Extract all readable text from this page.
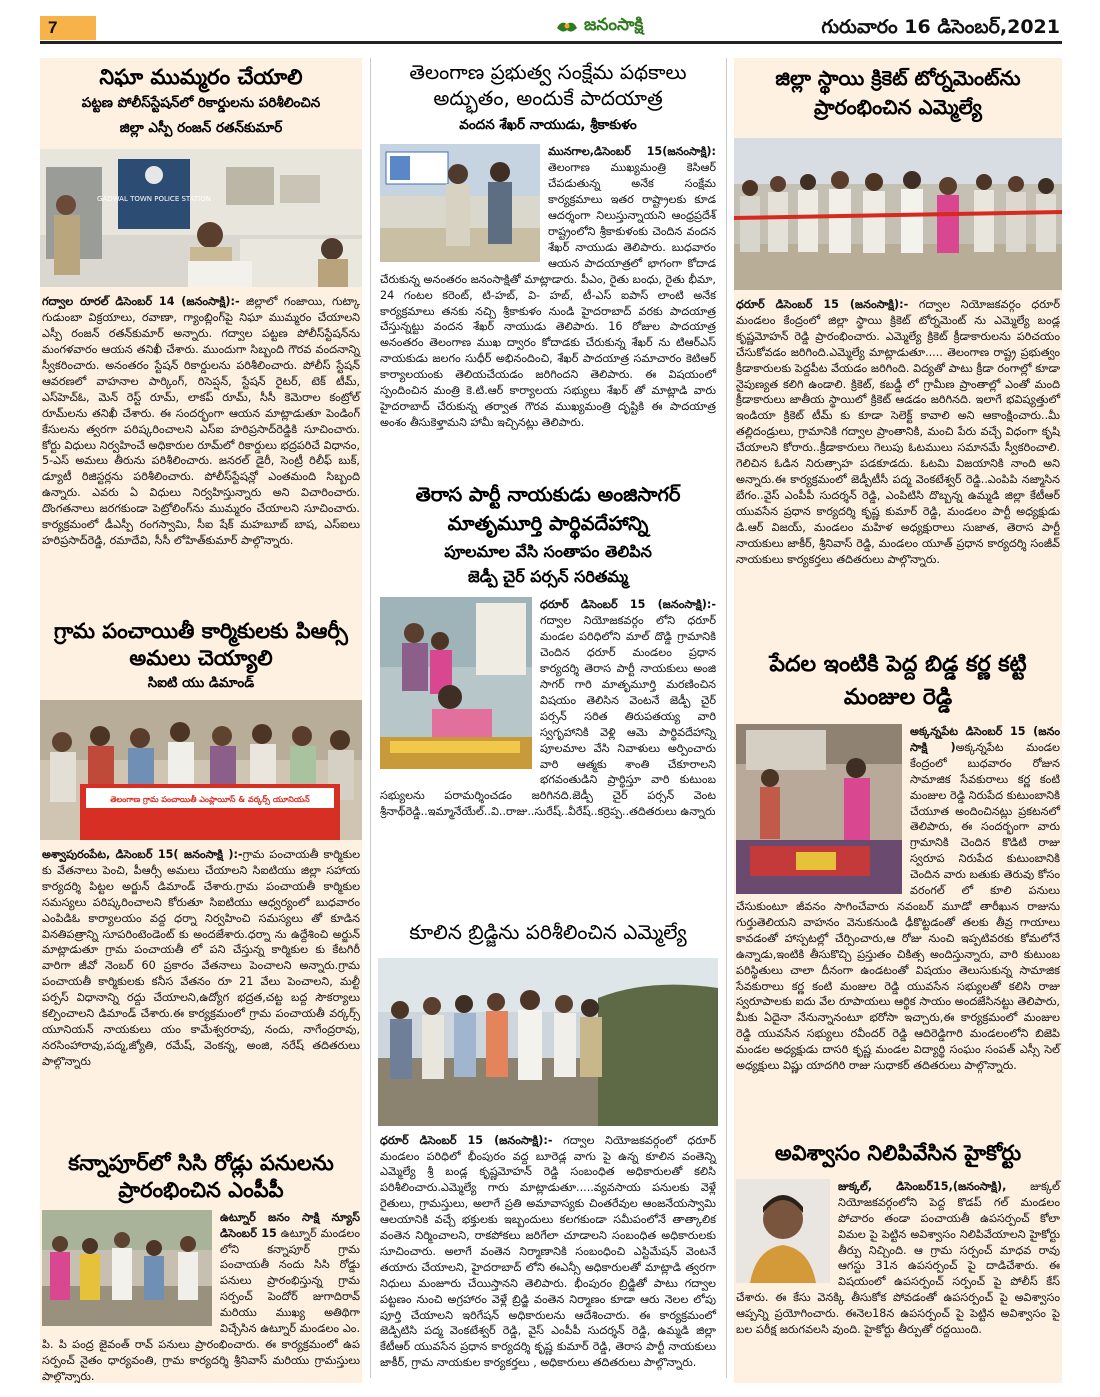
7	జనంసాక్షి	గురువారం 16 డిసెంబర్,2021
నిఘా ముమ్మరం చేయాలి
పట్టణ పోలీస్‌స్టేషన్‌లో రికార్డులను పరిశీలించిన
జిల్లా ఎస్పీ రంజన్ రతన్‌కుమార్
GADWAL TOWN POLICE STATION
గద్వాల రూరల్‌ డిసెంబర్‌ 14 (జనంసాక్షి):- జిల్లాలో గంజాయి, గుట్కా గుడుంబా విక్రయాలు, రవాణా, గ్యాంబ్లింగ్‌పై నిఘా ముమ్మరం చేయాలని ఎస్పీ రంజన్ రతన్‌కుమార్ అన్నారు. గద్వాల పట్టణ పోలీస్‌స్టేషన్‌ను మంగళవారం ఆయన తనిఖీ చేశారు. ముందుగా సిబ్బంది గౌరవ వందనాన్ని స్వీకరించారు. అనంతరం స్టేషన్ రికార్డులను పరిశీలించారు. పోలీస్ స్టేషన్ ఆవరణలో వాహనాల పార్కింగ్, రిసెప్షన్, స్టేషన్ రైటర్, టెక్ టీమ్, ఎస్‌హెచ్‌ఓ, మెన్ రెస్ట్ రూమ్, లాకప్ రూమ్, సీసీ కెమెరాల కంట్రోల్ రూమ్‌లను తనిఖీ చేశారు. ఈ సందర్భంగా ఆయన మాట్లాడుతూ పెండింగ్ కేసులను త్వరగా పరిష్కరించాలని ఎస్‌ఐ హరిప్రసాద్‌రెడ్డికి సూచించారు. కోర్టు విధులు నిర్వహించే అధికారుల రూమ్‌లో రికార్డులు భద్రపరిచే విధానం, 5-ఎస్ అమలు తీరును పరిశీలించారు. జనరల్ డైరీ, సెంట్రీ రిలీఫ్ బుక్, డ్యూటీ రిజిస్టర్లను పరిశీలించారు. పోలీస్‌స్టేషన్లో ఎంతమంది సిబ్బంది ఉన్నారు. ఎవరు ఏ విధులు నిర్వహిస్తున్నారు అని విచారించారు. దొంగతనాలు జరగకుండా పెట్రోలింగ్‌ను ముమ్మరం చేయాలని సూచించారు. కార్యక్రమంలో డీఎస్పీ రంగస్వామి, సీఐ షేక్ మహబూబ్ బాష, ఎస్‌ఐలు హరిప్రసాద్‌రెడ్డి, రమాదేవి, సీసీ లోహిత్‌కుమార్ పాల్గొన్నారు.
గ్రామ పంచాయితీ కార్మికులకు పిఆర్సీ అమలు చెయ్యాలి
సిఐటి యు డిమాండ్
తెలంగాణ గ్రామ పంచాయితీ ఎంప్లాయీస్ & వర్కర్స్ యూనియన్
అశ్వాపురంపేట, డిసెంబర్ 15( జనంసాక్షి ):-గ్రామ పంచాయతీ కార్మికుల కు వేతనాలు పెంచి, పీఆర్సీ అమలు చేయాలని సిఐటియు జిల్లా సహాయ కార్యదర్శి పిట్టల అర్జున్ డిమాండ్ చేశారు.గ్రామ పంచాయతీ కార్మికుల సమస్యలు పరిష్కరించాలని కోరుతూ సిఐటియు ఆధ్వర్యంలో బుధవారం ఎంపిడిఓ కార్యాలయం వద్ద ధర్నా నిర్వహించి సమస్యలు తో కూడిన వినతిపత్రాన్ని సూపరింటెండెంట్ కు అందజేశారు.ధర్నా ను ఉద్దేశించి అర్జున్ మాట్లాడుతూ గ్రామ పంచాయతీ లో పని చేస్తున్న కార్మికుల కు కేటగిరీ వారిగా జీవో నెంబర్ 60 ప్రకారం వేతనాలు పెంచాలని అన్నారు.గ్రామ పంచాయతీ కార్మికులకు కనీస వేతనం రూ 21 వేలు పెంచాలని, మల్టీ పర్పస్ విధానాన్ని రద్దు చేయాలని,ఉద్యోగ భద్రత,చట్ట బద్ద సౌకర్యాలు కల్పించాలని డిమాండ్ చేశారు.ఈ కార్యక్రమంలో గ్రామ పంచాయతీ వర్కర్స్ యూనియన్ నాయకులు యం కామేశ్వరరావు, నందు, నాగేంద్రరావు, నరసింహారావు,పద్మ,జ్యోతి, రమేష్, వెంకన్న, అంజి, నరేష్ తదితరులు పాల్గొన్నారు
కన్నాపూర్‌లో సిసి రోడ్లు పనులను ప్రారంభించిన ఎంపీపీ
ఉట్నూర్ జనం సాక్షి న్యూస్ డిసెంబర్ 15 ఉట్నూర్ మండలం లోని కన్నాపూర్ గ్రామ పంచాయతీ నందు సిసి రోడ్డు పనులు ప్రారంభిస్తున్న గ్రామ సర్పంచ్ పెందోర్ జుగాదిరావ్ మరియు ముఖ్య అతిథిగా విచ్చేసిన ఉట్నూర్ మండలం ఎం. పి. పి పంద్ర జైవంత్ రావ్ పనులు ప్రారంభించారు. ఈ కార్యక్రమంలో ఉప సర్పంచ్ నైతం ధార్యవంతి, గ్రామ కార్యదర్శి శ్రీనివాస్ మరియు గ్రామస్తులు పాల్గొన్నారు.
తెలంగాణ ప్రభుత్వ సంక్షేమ పథకాలు అద్భుతం, అందుకే పాదయాత్ర
వందన శేఖర్ నాయుడు, శ్రీకాకుళం
మునగాల,డిసెంబర్ 15(జనంసాక్షి): తెలంగాణ ముఖ్యమంత్రి కెసిఆర్ చేపడుతున్న అనేక సంక్షేమ కార్యక్రమాలు ఇతర రాష్ట్రాలకు కూడ ఆదర్శంగా నిలుస్తున్నాయని ఆంధ్రప్రదేశ్ రాష్ట్రంలోని శ్రీకాకుళంకు చెందిన వందన శేఖర్ నాయుడు తెలిపారు. బుధవారం ఆయన పాదయాత్రలో భాగంగా కోదాడ చేరుకున్న అనంతరం జనంసాక్షితో మాట్లాడారు. పీఎం, రైతు బంధు, రైతు భీమా, 24 గంటల కరెంట్, టి-హబ్, వి- హబ్, టీ-ఎస్ ఐపాస్ లాంటి అనేక కార్యక్రమాలు తనకు నచ్చి శ్రీకాకుళం నుండి హైదరాబాద్ వరకు పాదయాత్ర చేస్తున్నట్టు వందన శేఖర్ నాయుడు తెలిపారు. 16 రోజుల పాదయాత్ర అనంతరం తెలంగాణ ముఖ ద్వారం కోదాడకు చేరుకున్న శేఖర్ ను టిఆర్ఎస్ నాయకుడు జలగం సుధీర్ అభినందించి, శేఖర్ పాదయాత్ర సమాచారం కెటిఆర్ కార్యాలయంకు తెలియచేయడం జరిగిందని తెలిపారు. ఈ విషయంలో స్పందించిన మంత్రి కె.టి.ఆర్ కార్యాలయ సభ్యులు శేఖర్ తో మాట్లాడి వారు హైదరాబాద్ చేరుకున్న తర్వాత గౌరవ ముఖ్యమంత్రి దృష్టికి ఈ పాదయాత్ర అంశం తీసుకెళ్తామని హామీ ఇచ్చినట్లు తెలిపారు.
తెరాస పార్టీ నాయకుడు అంజిసాగర్ మాతృమూర్తి పార్థివదేహాన్ని
పూలమాల వేసి సంతాపం తెలిపిన
జెడ్పీ చైర్ పర్సన్ సరితమ్మ
ధరూర్ డిసెంబర్ 15 (జనంసాక్షి):- గద్వాల నియోజకవర్గం లోని ధరూర్ మండల పరిధిలోని మాల్ దొడ్డి గ్రామానికి చెందిన ధరూర్ మండలం ప్రధాన కార్యదర్శి తెరాస పార్టీ నాయకులు అంజి సాగర్ గారి మాతృమూర్తి మరణించిన విషయం తెలిసిన వెంటనే జెడ్పీ చైర్ పర్సన్ సరిత తిరుపతయ్య వారి స్వగృహానికి వెళ్లి ఆమె పార్థివదేహాన్ని పూలమాల వేసి నివాళులు అర్పించారు వారి ఆత్మకు శాంతి చేకూరాలని భగవంతుడిని ప్రార్థిస్తూ వారి కుటుంబ సభ్యులను పరామర్శించడం జరిగినది.జెడ్పీ చైర్ పర్సన్ వెంట శ్రీనాథ్‌రెడ్డి..ఇమ్మానేయేల్..వి..రాజు..సురేష్..వీరేష్..కర్రెప్ప..తదితరులు ఉన్నారు
కూలిన బ్రిడ్జిను పరిశీలించిన ఎమ్మెల్యే
ధరూర్ డిసెంబర్ 15 (జనంసాక్షి):- గద్వాల నియోజకవర్గంలో ధరూర్ మండలం పరిధిలో భీంపురం వద్ద బూరెడ్ల వాగు పై ఉన్న కూలిన వంతెన్ని ఎమ్మెల్యే శ్రీ బండ్ల కృష్ణమోహన్ రెడ్డి సంబంధిత అధికారులతో కలిసి పరిశీలించారు.ఎమ్మెల్యే గారు మాట్లాడుతూ.....వ్యవసాయ పనులకు వెళ్లే రైతులు, గ్రామస్తులు, అలాగే ప్రతి అమావాస్యకు చింతరేవుల ఆంజనేయస్వామి ఆలయానికి వచ్చే భక్తులకు ఇబ్బందులు కలగకుండా సమీపంలోనే తాత్కాలిక వంతెన నిర్మించాలని, రాకపోకలు జరిగేలా చూడాలని సంబంధిత అధికారులకు సూచించారు. అలాగే వంతెన నిర్మాణానికి సంబంధించి ఎస్టిమేషన్ వెంటనే తయారు చేయాలని, హైదరాబాద్ లోని ఈఎన్సీ అధికారులతో మాట్లాడి త్వరగా నిధులు మంజూరు చేయిస్తానని తెలిపారు. భీంపురం బ్రిడ్జితో పాటు గద్వాల పట్టణం నుంచి అగ్రహారం వెళ్లే బ్రిడ్జి వంతెన నిర్మాణం కూడా ఆరు నెలల లోపు పూర్తి చేయాలని ఇరిగేషన్ అధికారులను ఆదేశించారు. ఈ కార్యక్రమంలో జెడ్పిటిసి పద్మ వెంకటేశ్వర్ రెడ్డి, వైస్ ఎంపీపీ సుదర్శన్ రెడ్డి, ఉమ్మడి జిల్లా కేటీఆర్ యువసేన ప్రధాన కార్యదర్శి కృష్ణ కుమార్ రెడ్డి, తెరాస పార్టీ నాయకులు జాకీర్, గ్రామ నాయకుల కార్యకర్తలు , అధికారులు తదితరులు పాల్గొన్నారు.
జిల్లా స్థాయి క్రికెట్ టోర్నమెంట్‌ను ప్రారంభించిన ఎమ్మెల్యే
ధరూర్ డిసెంబర్ 15 (జనంసాక్షి):- గద్వాల నియోజకవర్గం ధరూర్ మండలం కేంద్రంలో జిల్లా స్థాయి క్రికెట్ టోర్నమెంట్ ను ఎమ్మెల్యే బండ్ల కృష్ణమోహన్ రెడ్డి ప్రారంభించారు. ఎమ్మెల్యే క్రికెట్ క్రీడాకారులను పరిచయం చేసుకోవడం జరిగింది.ఎమ్మెల్యే మాట్లాడుతూ..... తెలంగాణ రాష్ట్ర ప్రభుత్వం క్రీడాకారులకు పెద్దపీట వేయడం జరిగింది. విద్యతో పాటు క్రీడా రంగాల్లో కూడా నైపుణ్యత కలిగి ఉండాలి. క్రికెట్, కబడ్డీ లో గ్రామీణ ప్రాంతాల్లో ఎంతో మంది క్రీడాకారులు జాతీయ స్థాయిలో క్రికెట్ ఆడడం జరిగినది. ఇలాగే భవిష్యత్తులో ఇండియా క్రికెట్ టీమ్ కు కూడా సెలెక్ట్ కావాలి అని ఆకాంక్షించారు..మీ తల్లిదండ్రులు, గ్రామానికి గద్వాల ప్రాంతానికి, మంచి పేరు వచ్చే విధంగా కృషి చేయాలని కోరారు..క్రీడాకారులు గెలుపు ఓటములు సమానమే స్వీకరించాలి. గెలిచిన ఓడిన నిరుత్సాహ పడకూడదు. ఓటమి విజయానికి నాంది అని అన్నారు.ఈ కార్యక్రమంలో జెడ్పీటీసీ పద్మ వెంకటేశ్వర్ రెడ్డి..ఎంపిపి నజ్మాసిన బేగం..వైస్ ఎంపీపీ సుదర్శన్ రెడ్డి, ఎంపిటిసి దొబ్బన్న ఉమ్మడి జిల్లా కేటీఆర్ యువసేన ప్రధాన కార్యదర్శి కృష్ణ కుమార్ రెడ్డి, మండలం పార్టీ అధ్యక్షుడు డి.ఆర్ విజయ్, మండలం మహిళ అధ్యక్షురాలు సుజాత, తెరాస పార్టీ నాయకులు జాకీర్, శ్రీనివాస్ రెడ్డి, మండలం యూత్ ప్రధాన కార్యదర్శి సంజీవ్ నాయకులు కార్యకర్తలు తదితరులు పాల్గొన్నారు.
పేదల ఇంటికి పెద్ద బిడ్డ కర్ణ కట్టి మంజుల రెడ్డి
అక్కన్నపేట డిసెంబర్ 15 (జనం సాక్షి )అక్కన్నపేట మండల కేంద్రంలో బుధవారం రోజున సామాజిక సేవకురాలు కర్ణ కంటి మంజుల రెడ్డి నిరుపేద కుటుంబానికి చేయూత అందించినట్లు ప్రకటనలో తెలిపారు, ఈ సందర్భంగా వారు గ్రామానికి చెందిన కొడిటి రాజు స్వరూప నిరుపేద కుటుంబానికి చెందిన వారు బతుకు తెరువు కోసం వరంగల్ లో కూలి పనులు చేసుకుంటూ జీవనం సాగించేవారు నవంబర్ మూడో తారీఖున రాజును గుర్తుతెలియని వాహనం వెనుకనుండి ఢీకొట్టడంతో తలకు తీవ్ర గాయాలు కావడంతో హాస్పటల్లో చేర్పించారు,ఆ రోజు నుంచి ఇప్పటివరకు కోమలోనే ఉన్నాడు,ఇంటికి తీసుకొచ్చి ప్రస్తుతం చికిత్స అందిస్తున్నారు, వారి కుటుంబ పరిస్థితులు చాలా దీనంగా ఉండటంతో విషయం తెలుసుకున్న సామాజిక సేవకురాలు కర్ణ కంటి మంజుల రెడ్డి యువసేన సభ్యులతో కలిసి రాజు స్వరూపాలకు ఐదు వేల రూపాయలు ఆర్థిక సాయం అందజేసినట్టు తెలిపారు, మీకు ఏదైనా నేనున్నానంటూ భరోసా ఇచ్చారు,ఈ కార్యక్రమంలో మంజుల రెడ్డి యువసేన సభ్యులు రవీందర్ రెడ్డి ఆదిరెడ్డిగారి మండలంలోని బిజెపి మండల అధ్యక్షుడు దాసరి కృష్ణ మండల విద్యార్థి సంఘం సంపత్ ఎస్సీ సెల్ అధ్యక్షులు విష్ణు యాదగిరి రాజు సుధాకర్ తదితరులు పాల్గొన్నారు.
అవిశ్వాసం నిలిపివేసిన హైకోర్టు
జుక్కల్, డిసెంబర్15,(జనంసాక్షి), జుక్కల్ నియోజకవర్గంలోని పెద్ద కొడప్ గల్ మండలం పోచారం తండా పంచాయతీ ఉపసర్పంచ్ కోలా విమల పై పెట్టిన అవిశ్వాసం నిలిపివేయాలని హైకోర్టు తీర్పు నిచ్చింది. ఆ గ్రామ సర్పంచ్ మాధవ రావు ఆగస్టు 31న ఉపసర్పంచ్ పై దాడిచేశారు. ఈ విషయంలో ఉపసర్పంచ్ సర్పంచ్ పై పోలీస్ కేస్ చేశారు. ఈ కేసు వెనక్కి తీసుకోక పోవడంతో ఉపసర్పంచ్ పై అవిశ్వాసం ఆప్పన్ని ప్రయోగించారు. ఈనెల18న ఉపసర్పంచ్ పై పెట్టిన అవిశ్వాసం పై బల పరీక్ష జరుగవలసి వుంది. హైకోర్టు తీర్పుతో రద్దయింది.
